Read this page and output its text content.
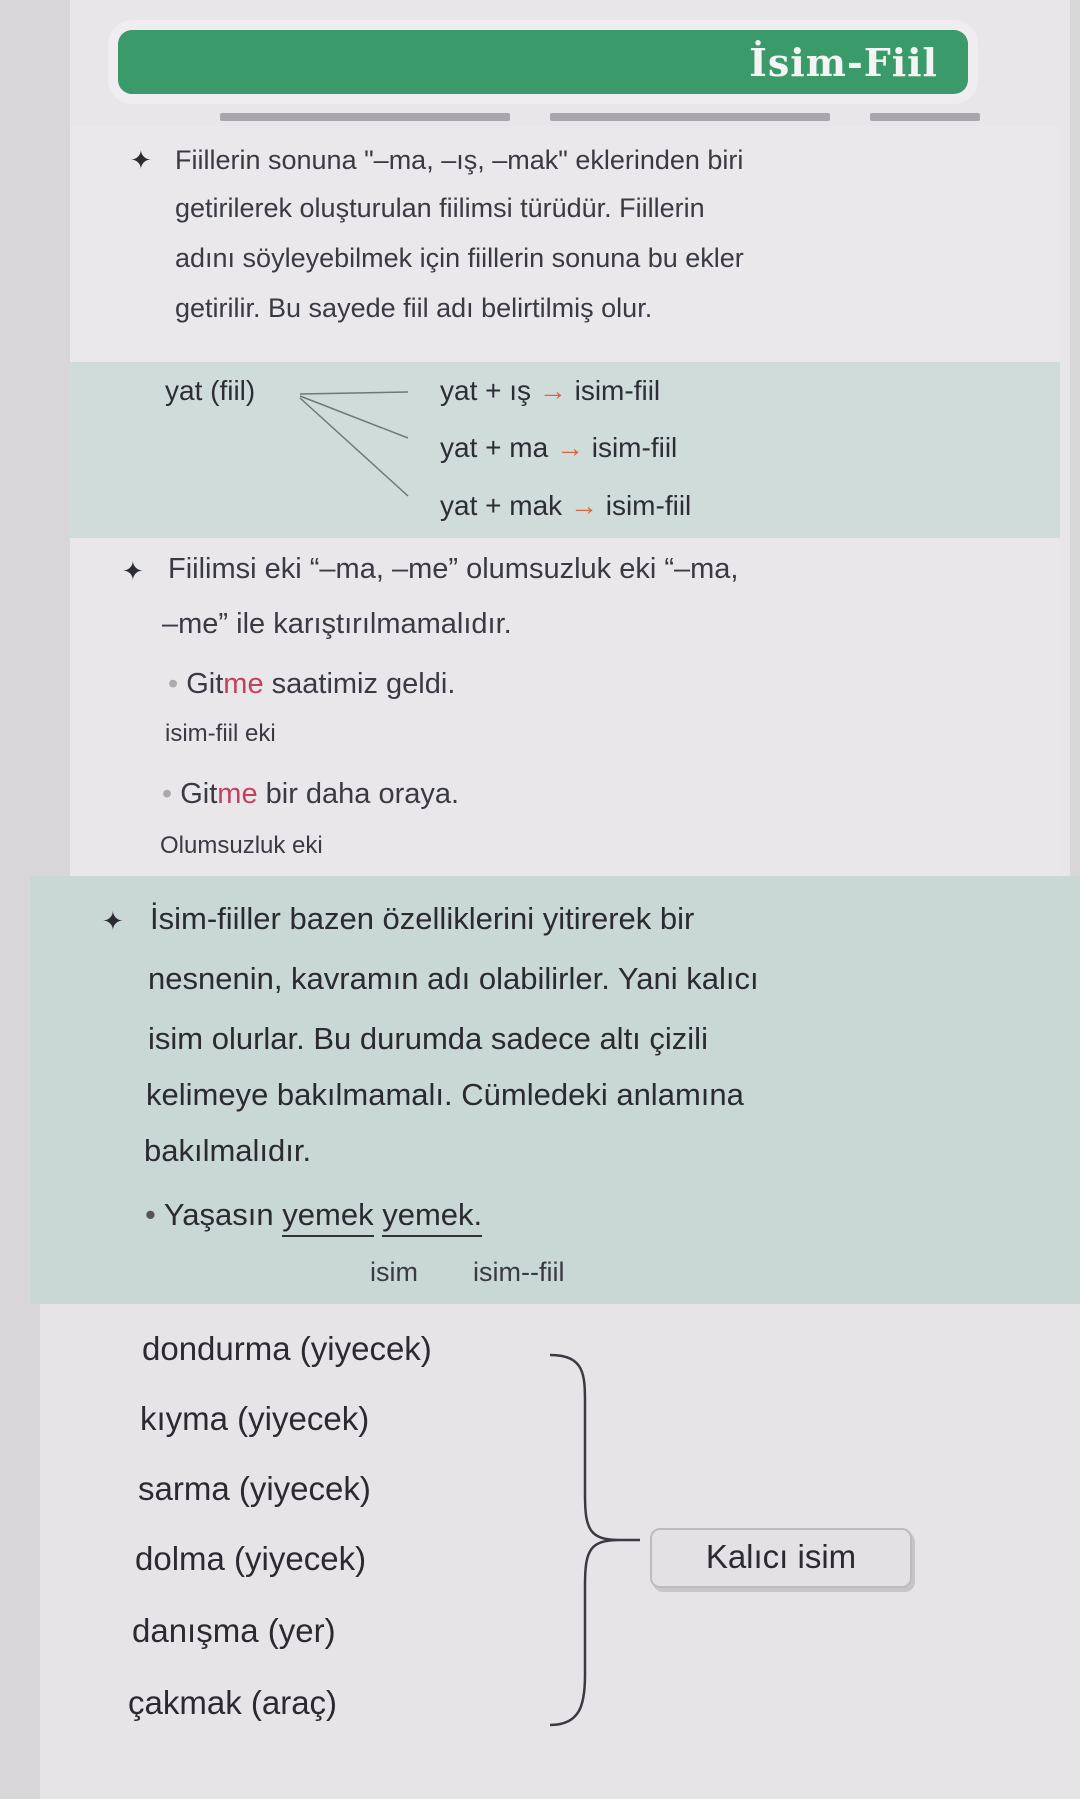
İsim-Fiil
✦ Fiillerin sonuna "–ma, –ış, –mak" eklerinden biri
getirilerek oluşturulan fiilimsi türüdür. Fiillerin
adını söyleyebilmek için fiillerin sonuna bu ekler
getirilir. Bu sayede fiil adı belirtilmiş olur.
yat (fiil)	yat + ış → isim-fiil
yat + ma → isim-fiil
yat + mak → isim-fiil
✦ Fiilimsi eki “–ma, –me” olumsuzluk eki “–ma,
–me” ile karıştırılmamalıdır.
• Gitme saatimiz geldi.
isim-fiil eki
• Gitme bir daha oraya.
Olumsuzluk eki
✦ İsim-fiiller bazen özelliklerini yitirerek bir
nesnenin, kavramın adı olabilirler. Yani kalıcı
isim olurlar. Bu durumda sadece altı çizili
kelimeye bakılmamalı. Cümledeki anlamına
bakılmalıdır.
• Yaşasın yemek yemek.
isim isim--fiil
dondurma (yiyecek)
kıyma (yiyecek)
sarma (yiyecek)
dolma (yiyecek)
danışma (yer)
çakmak (araç)
Kalıcı isim
